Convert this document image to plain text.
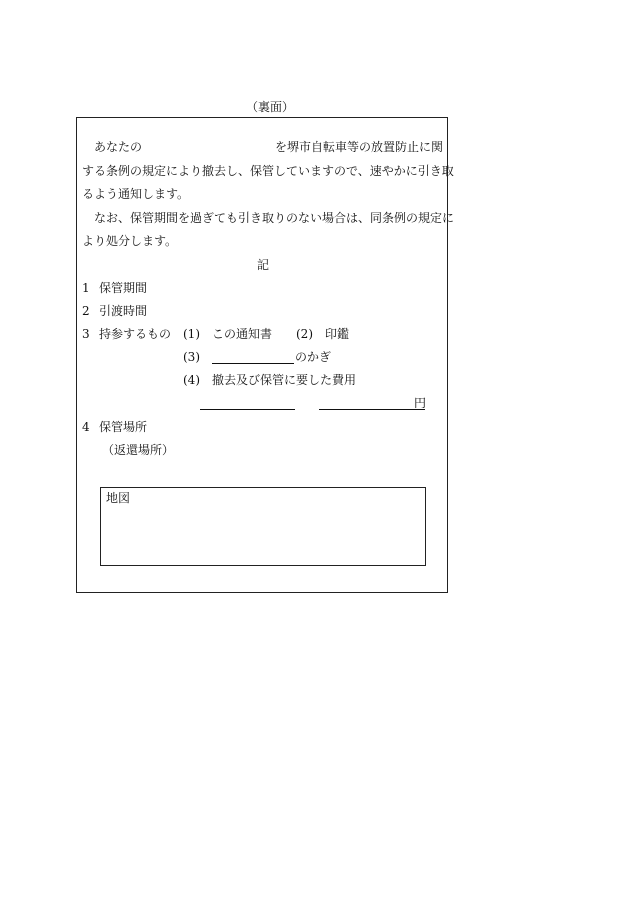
（裏面）
あなたの	を堺市自転車等の放置防止に関
する条例の規定により撤去し、保管していますので、速やかに引き取
るよう通知します。
なお、保管期間を過ぎても引き取りのない場合は、同条例の規定に
より処分します。
記
1 保管期間
2 引渡時間
3 持参するもの (1) この通知書 (2) 印鑑
(3)	のかぎ
(4) 撤去及び保管に要した費用
円
4 保管場所
（返還場所）
地図
